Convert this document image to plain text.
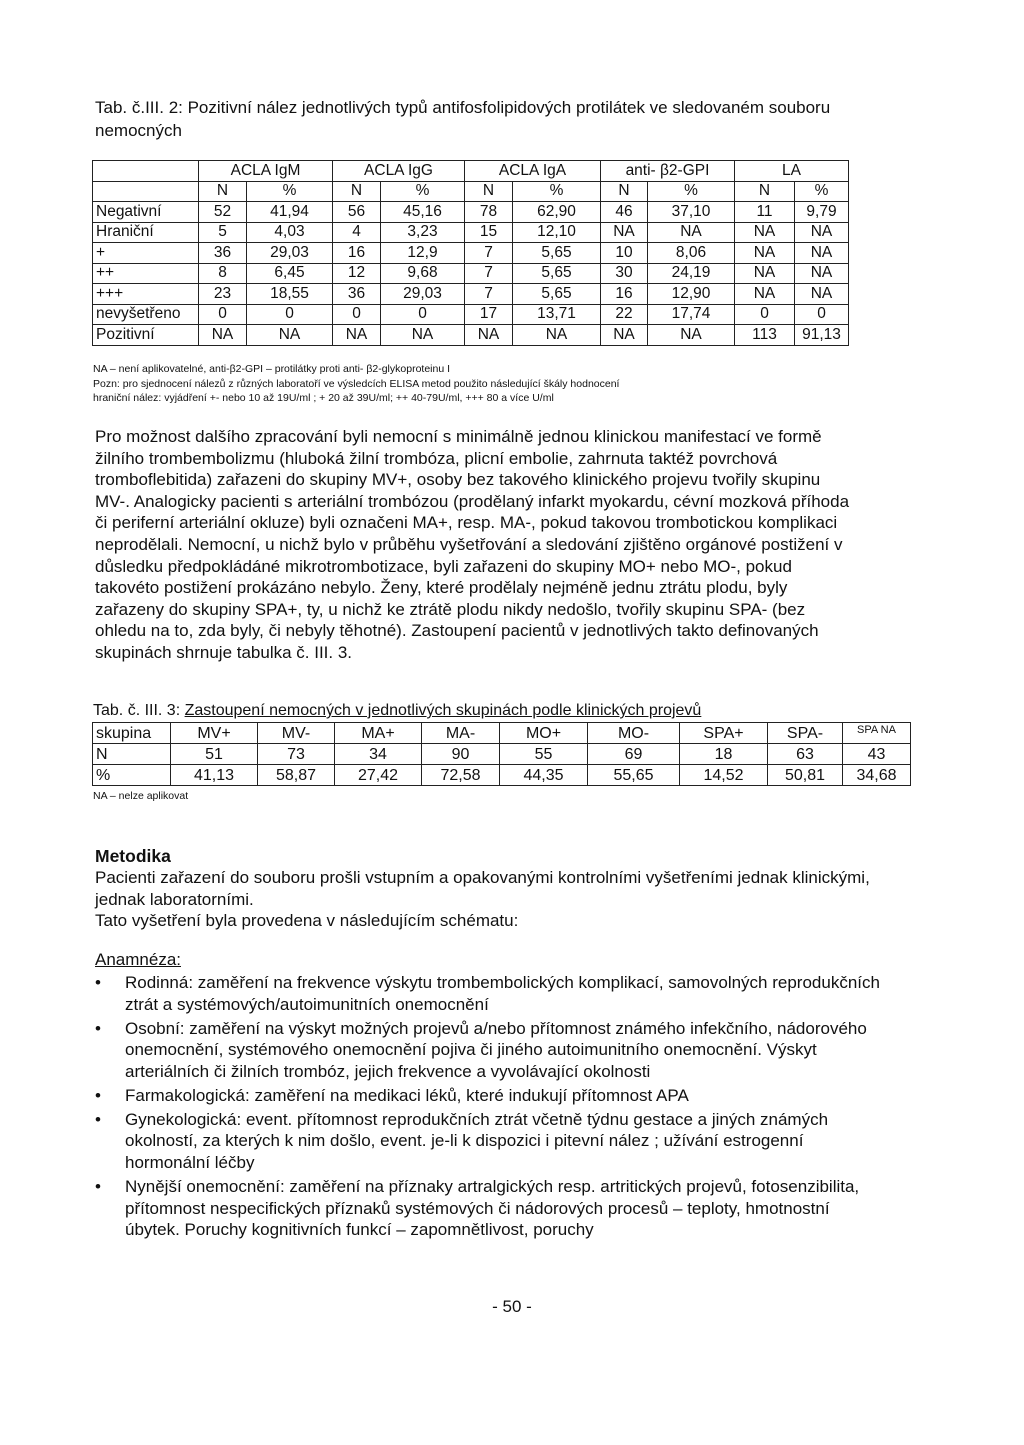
Tab. č.III. 2: Pozitivní nález jednotlivých typů antifosfolipidových protilátek ve sledovaném souboru nemocných
	ACLA IgM		ACLA IgG		ACLA IgA		anti- β2-GPI		LA	
	N	%	N	%	N	%	N	%	N	%
Negativní	52	41,94	56	45,16	78	62,90	46	37,10	11	9,79
Hraniční	5	4,03	4	3,23	15	12,10	NA	NA	NA	NA
+	36	29,03	16	12,9	7	5,65	10	8,06	NA	NA
++	8	6,45	12	9,68	7	5,65	30	24,19	NA	NA
+++	23	18,55	36	29,03	7	5,65	16	12,90	NA	NA
nevyšetřeno	0	0	0	0	17	13,71	22	17,74	0	0
Pozitivní	NA	NA	NA	NA	NA	NA	NA	NA	113	91,13
NA – není aplikovatelné, anti-β2-GPI – protilátky proti anti- β2-glykoproteinu I
Pozn: pro sjednocení nálezů z různých laboratoří ve výsledcích ELISA metod použito následující škály hodnocení
hraniční nález: vyjádření +- nebo 10 až 19U/ml ; + 20 až 39U/ml; ++ 40-79U/ml, +++ 80 a více U/ml
Pro možnost dalšího zpracování byli nemocní s minimálně jednou klinickou manifestací ve formě žilního trombembolizmu (hluboká žilní trombóza, plicní embolie, zahrnuta taktéž povrchová tromboflebitida) zařazeni do skupiny MV+, osoby bez takového klinického projevu tvořily skupinu MV-. Analogicky pacienti s arteriální trombózou (prodělaný infarkt myokardu, cévní mozková příhoda či periferní arteriální okluze) byli označeni MA+, resp. MA-, pokud takovou trombotickou komplikaci neprodělali. Nemocní, u nichž bylo v průběhu vyšetřování a sledování zjištěno orgánové postižení v důsledku předpokládáné mikrotrombotizace, byli zařazeni do skupiny MO+ nebo MO-, pokud takovéto postižení prokázáno nebylo. Ženy, které prodělaly nejméně jednu ztrátu plodu, byly zařazeny do skupiny SPA+, ty, u nichž ke ztrátě plodu nikdy nedošlo, tvořily skupinu SPA- (bez ohledu na to, zda byly, či nebyly těhotné). Zastoupení pacientů v jednotlivých takto definovaných skupinách shrnuje tabulka č. III. 3.
Tab. č. III. 3: Zastoupení nemocných v jednotlivých skupinách podle klinických projevů
skupina	MV+	MV-	MA+	MA-	MO+	MO-	SPA+	SPA-	SPA NA
N	51	73	34	90	55	69	18	63	43
%	41,13	58,87	27,42	72,58	44,35	55,65	14,52	50,81	34,68
NA – nelze aplikovat
Metodika
Pacienti zařazení do souboru prošli vstupním a opakovanými kontrolními vyšetřeními jednak klinickými, jednak laboratorními.
Tato vyšetření byla provedena v následujícím schématu:
Anamnéza:
• Rodinná: zaměření na frekvence výskytu trombembolických komplikací, samovolných reprodukčních ztrát a systémových/autoimunitních onemocnění
• Osobní: zaměření na výskyt možných projevů a/nebo přítomnost známého infekčního, nádorového onemocnění, systémového onemocnění pojiva či jiného autoimunitního onemocnění. Výskyt arteriálních či žilních trombóz, jejich frekvence a vyvolávající okolnosti
• Farmakologická: zaměření na medikaci léků, které indukují přítomnost APA
• Gynekologická: event. přítomnost reprodukčních ztrát včetně týdnu gestace a jiných známých okolností, za kterých k nim došlo, event. je-li k dispozici i pitevní nález ; užívání estrogenní hormonální léčby
• Nynější onemocnění: zaměření na příznaky artralgických resp. artritických projevů, fotosenzibilita, přítomnost nespecifických příznaků systémových či nádorových procesů – teploty, hmotnostní úbytek. Poruchy kognitivních funkcí – zapomnětlivost, poruchy
- 50 -
